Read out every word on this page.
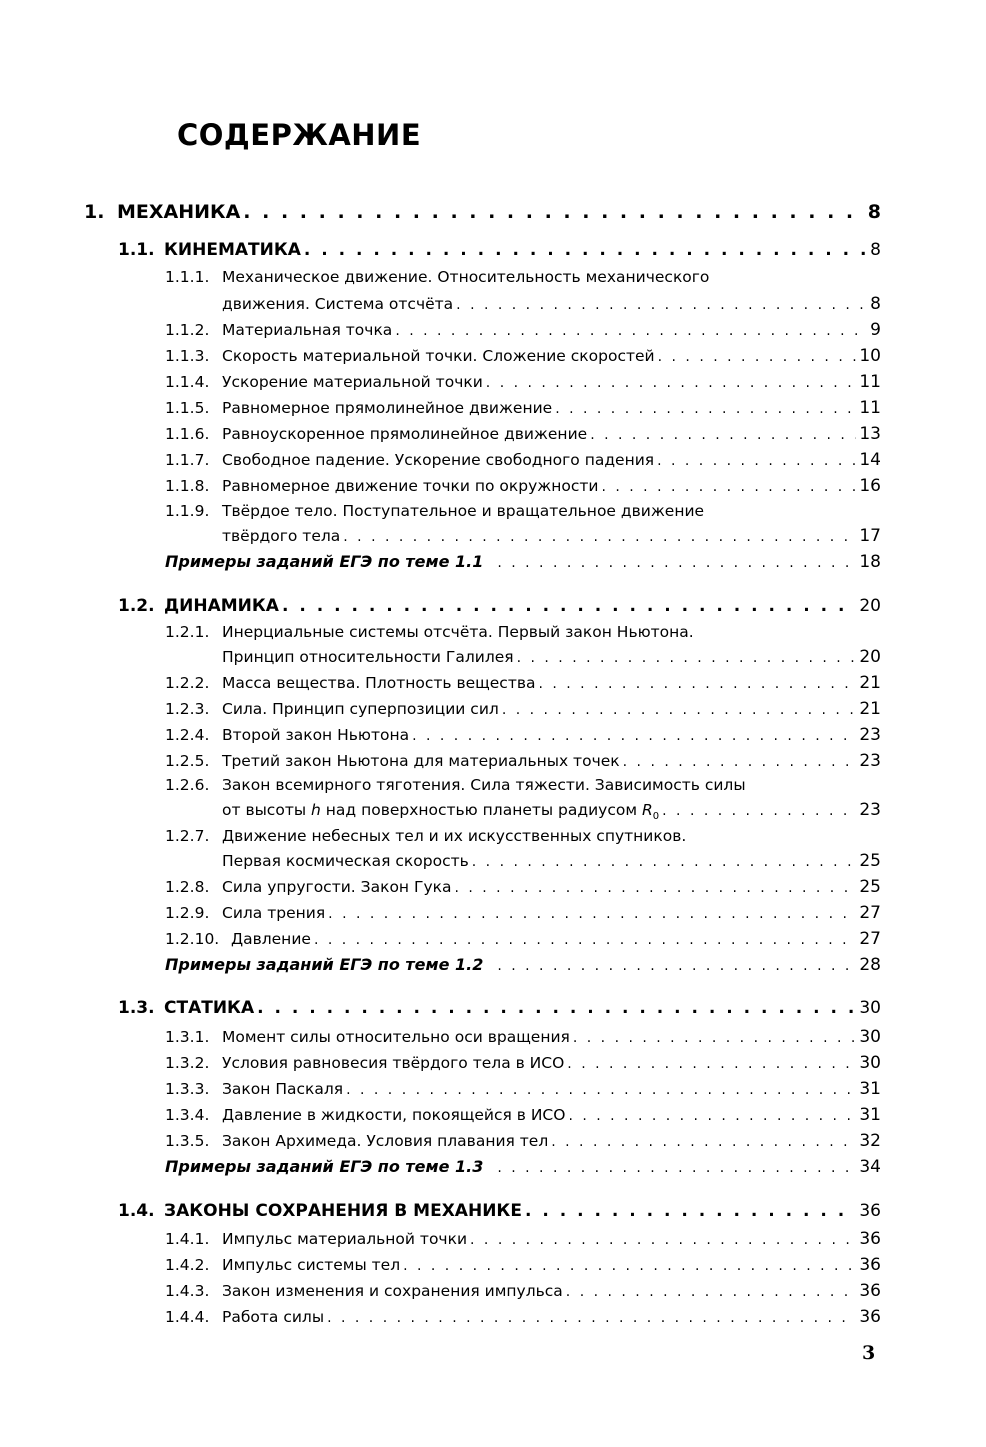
СОДЕРЖАНИЕ
1. МЕХАНИКА . . .	8
1.1. КИНЕМАТИКА . . .	8
1.1.1. Механическое движение. Относительность механического
движения. Система отсчёта . . .	8
1.1.2. Материальная точка . . .	9
1.1.3. Скорость материальной точки. Сложение скоростей . . .	10
1.1.4. Ускорение материальной точки . . .	11
1.1.5. Равномерное прямолинейное движение . . .	11
1.1.6. Равноускоренное прямолинейное движение . . .	13
1.1.7. Свободное падение. Ускорение свободного падения . . .	14
1.1.8. Равномерное движение точки по окружности . . .	16
1.1.9. Твёрдое тело. Поступательное и вращательное движение
твёрдого тела . . .	17
Примеры заданий ЕГЭ по теме 1.1 . . .	18
1.2. ДИНАМИКА . . .	20
1.2.1. Инерциальные системы отсчёта. Первый закон Ньютона.
Принцип относительности Галилея . . .	20
1.2.2. Масса вещества. Плотность вещества . . .	21
1.2.3. Сила. Принцип суперпозиции сил . . .	21
1.2.4. Второй закон Ньютона . . .	23
1.2.5. Третий закон Ньютона для материальных точек . . .	23
1.2.6. Закон всемирного тяготения. Сила тяжести. Зависимость силы
от высоты h над поверхностью планеты радиусом $R_0$ . . .	23
1.2.7. Движение небесных тел и их искусственных спутников.
Первая космическая скорость . . .	25
1.2.8. Сила упругости. Закон Гука . . .	25
1.2.9. Сила трения . . .	27
1.2.10. Давление . . .	27
Примеры заданий ЕГЭ по теме 1.2 . . .	28
1.3. СТАТИКА . . .	30
1.3.1. Момент силы относительно оси вращения . . .	30
1.3.2. Условия равновесия твёрдого тела в ИСО . . .	30
1.3.3. Закон Паскаля . . .	31
1.3.4. Давление в жидкости, покоящейся в ИСО . . .	31
1.3.5. Закон Архимеда. Условия плавания тел . . .	32
Примеры заданий ЕГЭ по теме 1.3 . . .	34
1.4. ЗАКОНЫ СОХРАНЕНИЯ В МЕХАНИКЕ . . .	36
1.4.1. Импульс материальной точки . . .	36
1.4.2. Импульс системы тел . . .	36
1.4.3. Закон изменения и сохранения импульса . . .	36
1.4.4. Работа силы . . .	36
3
